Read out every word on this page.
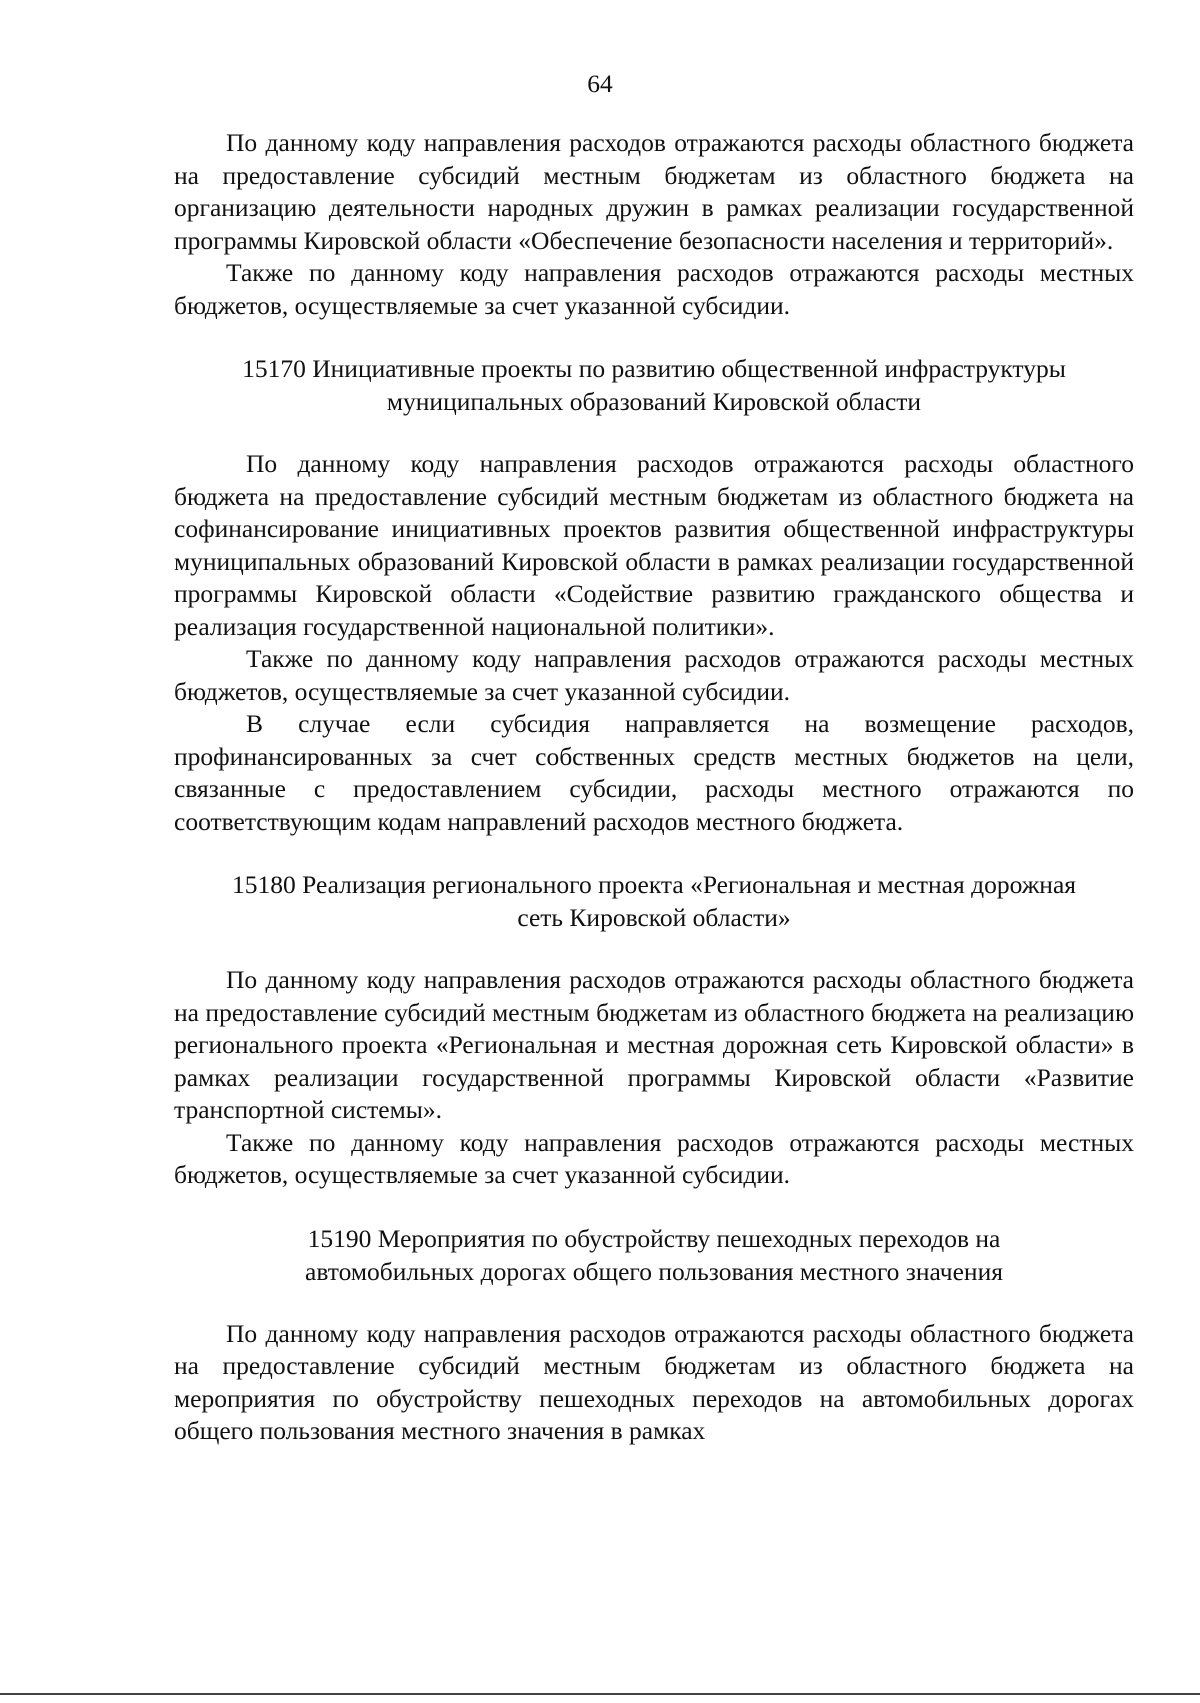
64

По данному коду направления расходов отражаются расходы областного бюджета на предоставление субсидий местным бюджетам из областного бюджета на организацию деятельности народных дружин в рамках реализации государственной программы Кировской области «Обеспечение безопасности населения и территорий».

Также по данному коду направления расходов отражаются расходы местных бюджетов, осуществляемые за счет указанной субсидии.

15170 Инициативные проекты по развитию общественной инфраструктуры
муниципальных образований Кировской области

По данному коду направления расходов отражаются расходы областного бюджета на предоставление субсидий местным бюджетам из областного бюджета на софинансирование инициативных проектов развития общественной инфраструктуры муниципальных образований Кировской области в рамках реализации государственной программы Кировской области «Содействие развитию гражданского общества и реализация государственной национальной политики».

Также по данному коду направления расходов отражаются расходы местных бюджетов, осуществляемые за счет указанной субсидии.

В случае если субсидия направляется на возмещение расходов, профинансированных за счет собственных средств местных бюджетов на цели, связанные с предоставлением субсидии, расходы местного отражаются по соответствующим кодам направлений расходов местного бюджета.

15180 Реализация регионального проекта «Региональная и местная дорожная
сеть Кировской области»

По данному коду направления расходов отражаются расходы областного бюджета на предоставление субсидий местным бюджетам из областного бюджета на реализацию регионального проекта «Региональная и местная дорожная сеть Кировской области» в рамках реализации государственной программы Кировской области «Развитие транспортной системы».

Также по данному коду направления расходов отражаются расходы местных бюджетов, осуществляемые за счет указанной субсидии.

15190 Мероприятия по обустройству пешеходных переходов на
автомобильных дорогах общего пользования местного значения

По данному коду направления расходов отражаются расходы областного бюджета на предоставление субсидий местным бюджетам из областного бюджета на мероприятия по обустройству пешеходных переходов на автомобильных дорогах общего пользования местного значения в рамках
